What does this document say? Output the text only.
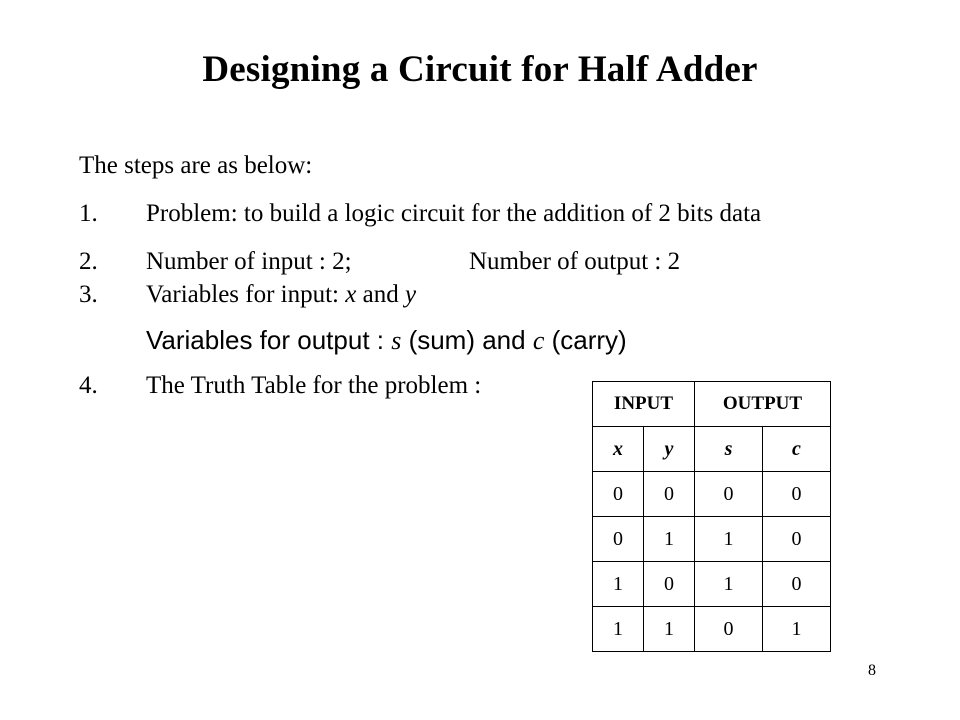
Designing a Circuit for Half Adder
The steps are as below:
1. Problem: to build a logic circuit for the addition of 2 bits data
2. Number of input : 2;	Number of output : 2
3. Variables for input: x and y
Variables for output : s (sum) and c (carry)
4. The Truth Table for the problem :
INPUT		OUTPUT	
x	y	s	c
0	0	0	0
0	1	1	0
1	0	1	0
1	1	0	1
8
